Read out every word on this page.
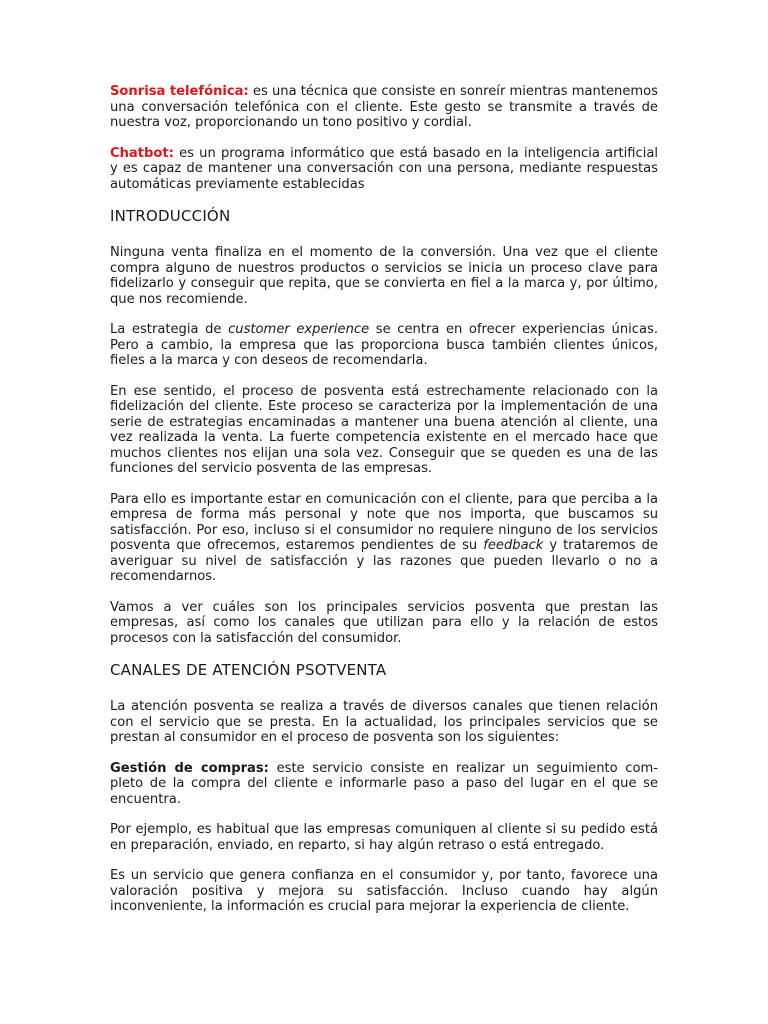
Sonrisa telefónica: es una técnica que consiste en sonreír mientras mantenemos una conversación telefónica con el cliente. Este gesto se transmite a través de nuestra voz, proporcionando un tono positivo y cordial.

Chatbot: es un programa informático que está basado en la inteligencia artificial y es capaz de mantener una conversación con una persona, mediante respuestas automáticas previamente establecidas

INTRODUCCIÓN

Ninguna venta finaliza en el momento de la conversión. Una vez que el cliente compra alguno de nuestros productos o servicios se inicia un proceso clave para fidelizarlo y conseguir que repita, que se convierta en fiel a la marca y, por último, que nos recomiende.

La estrategia de customer experience se centra en ofrecer experiencias únicas. Pero a cambio, la empresa que las proporciona busca también clientes únicos, fieles a la marca y con deseos de recomendarla.

En ese sentido, el proceso de posventa está estrechamente relacionado con la fidelización del cliente. Este proceso se caracteriza por la implementación de una serie de estrategias encaminadas a mantener una buena atención al cliente, una vez realizada la venta. La fuerte competencia existente en el mercado hace que muchos clientes nos elijan una sola vez. Conseguir que se queden es una de las funciones del servicio posventa de las empresas.

Para ello es importante estar en comunicación con el cliente, para que perciba a la empresa de forma más personal y note que nos importa, que buscamos su satisfacción. Por eso, incluso si el consumidor no requiere ninguno de los servicios posventa que ofrecemos, estaremos pendientes de su feedback y trataremos de averiguar su nivel de satisfacción y las razones que pueden llevarlo o no a recomendarnos.

Vamos a ver cuáles son los principales servicios posventa que prestan las empresas, así como los canales que utilizan para ello y la relación de estos procesos con la satisfacción del consumidor.

CANALES DE ATENCIÓN PSOTVENTA

La atención posventa se realiza a través de diversos canales que tienen relación con el servicio que se presta. En la actualidad, los principales servicios que se prestan al consumidor en el proceso de posventa son los siguientes:

Gestión de compras: este servicio consiste en realizar un seguimiento com- pleto de la compra del cliente e informarle paso a paso del lugar en el que se encuentra.

Por ejemplo, es habitual que las empresas comuniquen al cliente si su pedido está en preparación, enviado, en reparto, si hay algún retraso o está entregado.

Es un servicio que genera confianza en el consumidor y, por tanto, favorece una valoración positiva y mejora su satisfacción. Incluso cuando hay algún inconveniente, la información es crucial para mejorar la experiencia de cliente.
